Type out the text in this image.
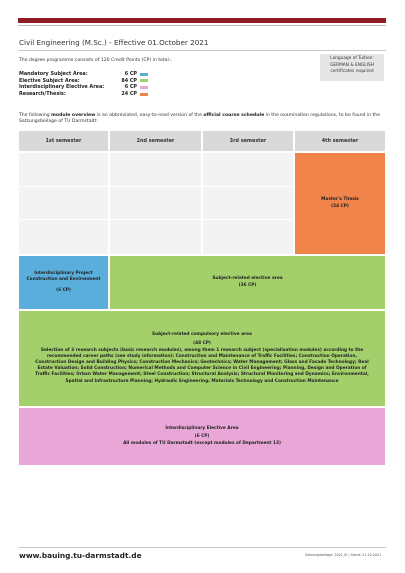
Civil Engineering (M.Sc.) - Effective 01.October 2021
The degree programme consists of 120 Credit Points (CP) in total.:	Language of Tuition:
GERMAN & ENGLISH
certificates required
Mandatory Subject Area:	6 CP
Elective Subject Area:	84 CP
Interdisciplinary Elective Area:	6 CP
Research/Thesis:	24 CP
The following module overview is an abbreviated, easy-to-read version of the official course schedule in the examination regulations, to be found in the Satzungsbeilage of TU Darmstadt:
1st semester	2nd semester	3rd semester	4th semester
Master's Thesis
(24 CP)
Interdisciplinary Project Construction and Environment
(6 CP)
Subject-related elective area
(36 CP)
Subject-related compulsory elective area
(48 CP)
Selection of 3 research subjects (basic research modules), among them 1 research subject (specialisation modules) according to the recommended career paths (see study information): Construction and Maintenance of Traffic Facilities; Construction Operation, Construction Design and Building Physics; Construction Mechanics; Geotechnics; Water Management; Glass and Facade Technology; Real Estate Valuation; Solid Construction; Numerical Methods and Computer Science in Civil Engineering; Planning, Design and Operation of Traffic Facilities; Urban Water Management; Steel Construction; Structural Analysis; Structural Monitoring and Dynamics; Environmental, Spatial and Infrastructure Planning; Hydraulic Engineering; Materials Technology and Construction Maintenance
Interdisciplinary Elective Area
(6 CP)
All modules of TU Darmstadt (except modules of Department 13)
www.bauing.tu-darmstadt.de	Satzungsbeilage: 2021_III | Stand: 21.10.2021
